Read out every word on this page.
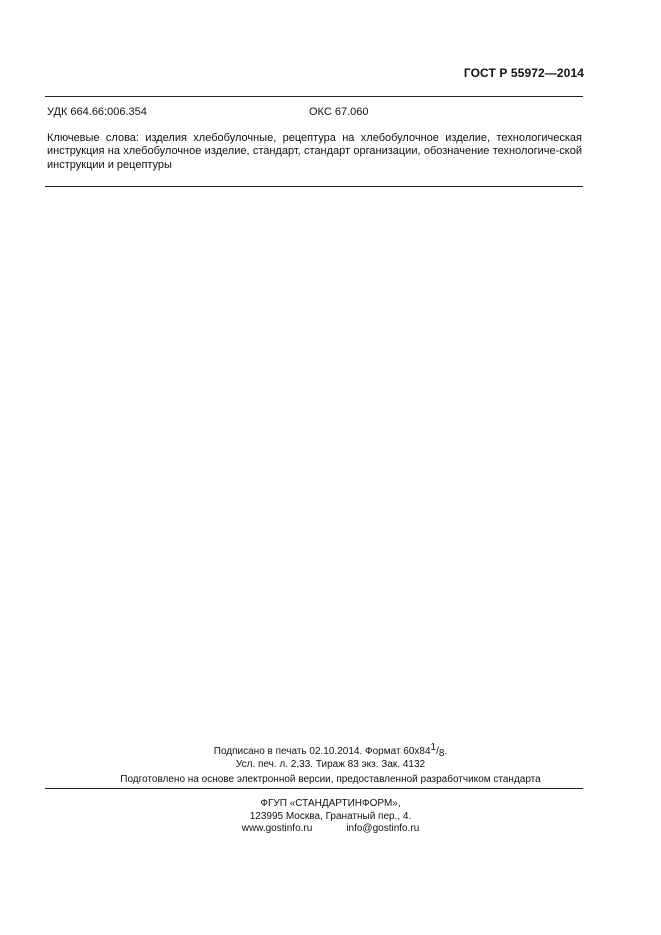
ГОСТ Р 55972—2014
УДК 664.66:006.354	ОКС 67.060
Ключевые слова: изделия хлебобулочные, рецептура на хлебобулочное изделие, технологическая инструкция на хлебобулочное изделие, стандарт, стандарт организации, обозначение технологиче-ской инструкции и рецептуры
Подписано в печать 02.10.2014. Формат 60х841/8.
Усл. печ. л. 2,33. Тираж 83 экз. Зак. 4132
Подготовлено на основе электронной версии, предоставленной разработчиком стандарта
ФГУП «СТАНДАРТИНФОРМ»,
123995 Москва, Гранатный пер., 4.
www.gostinfo.ru	info@gostinfo.ru
